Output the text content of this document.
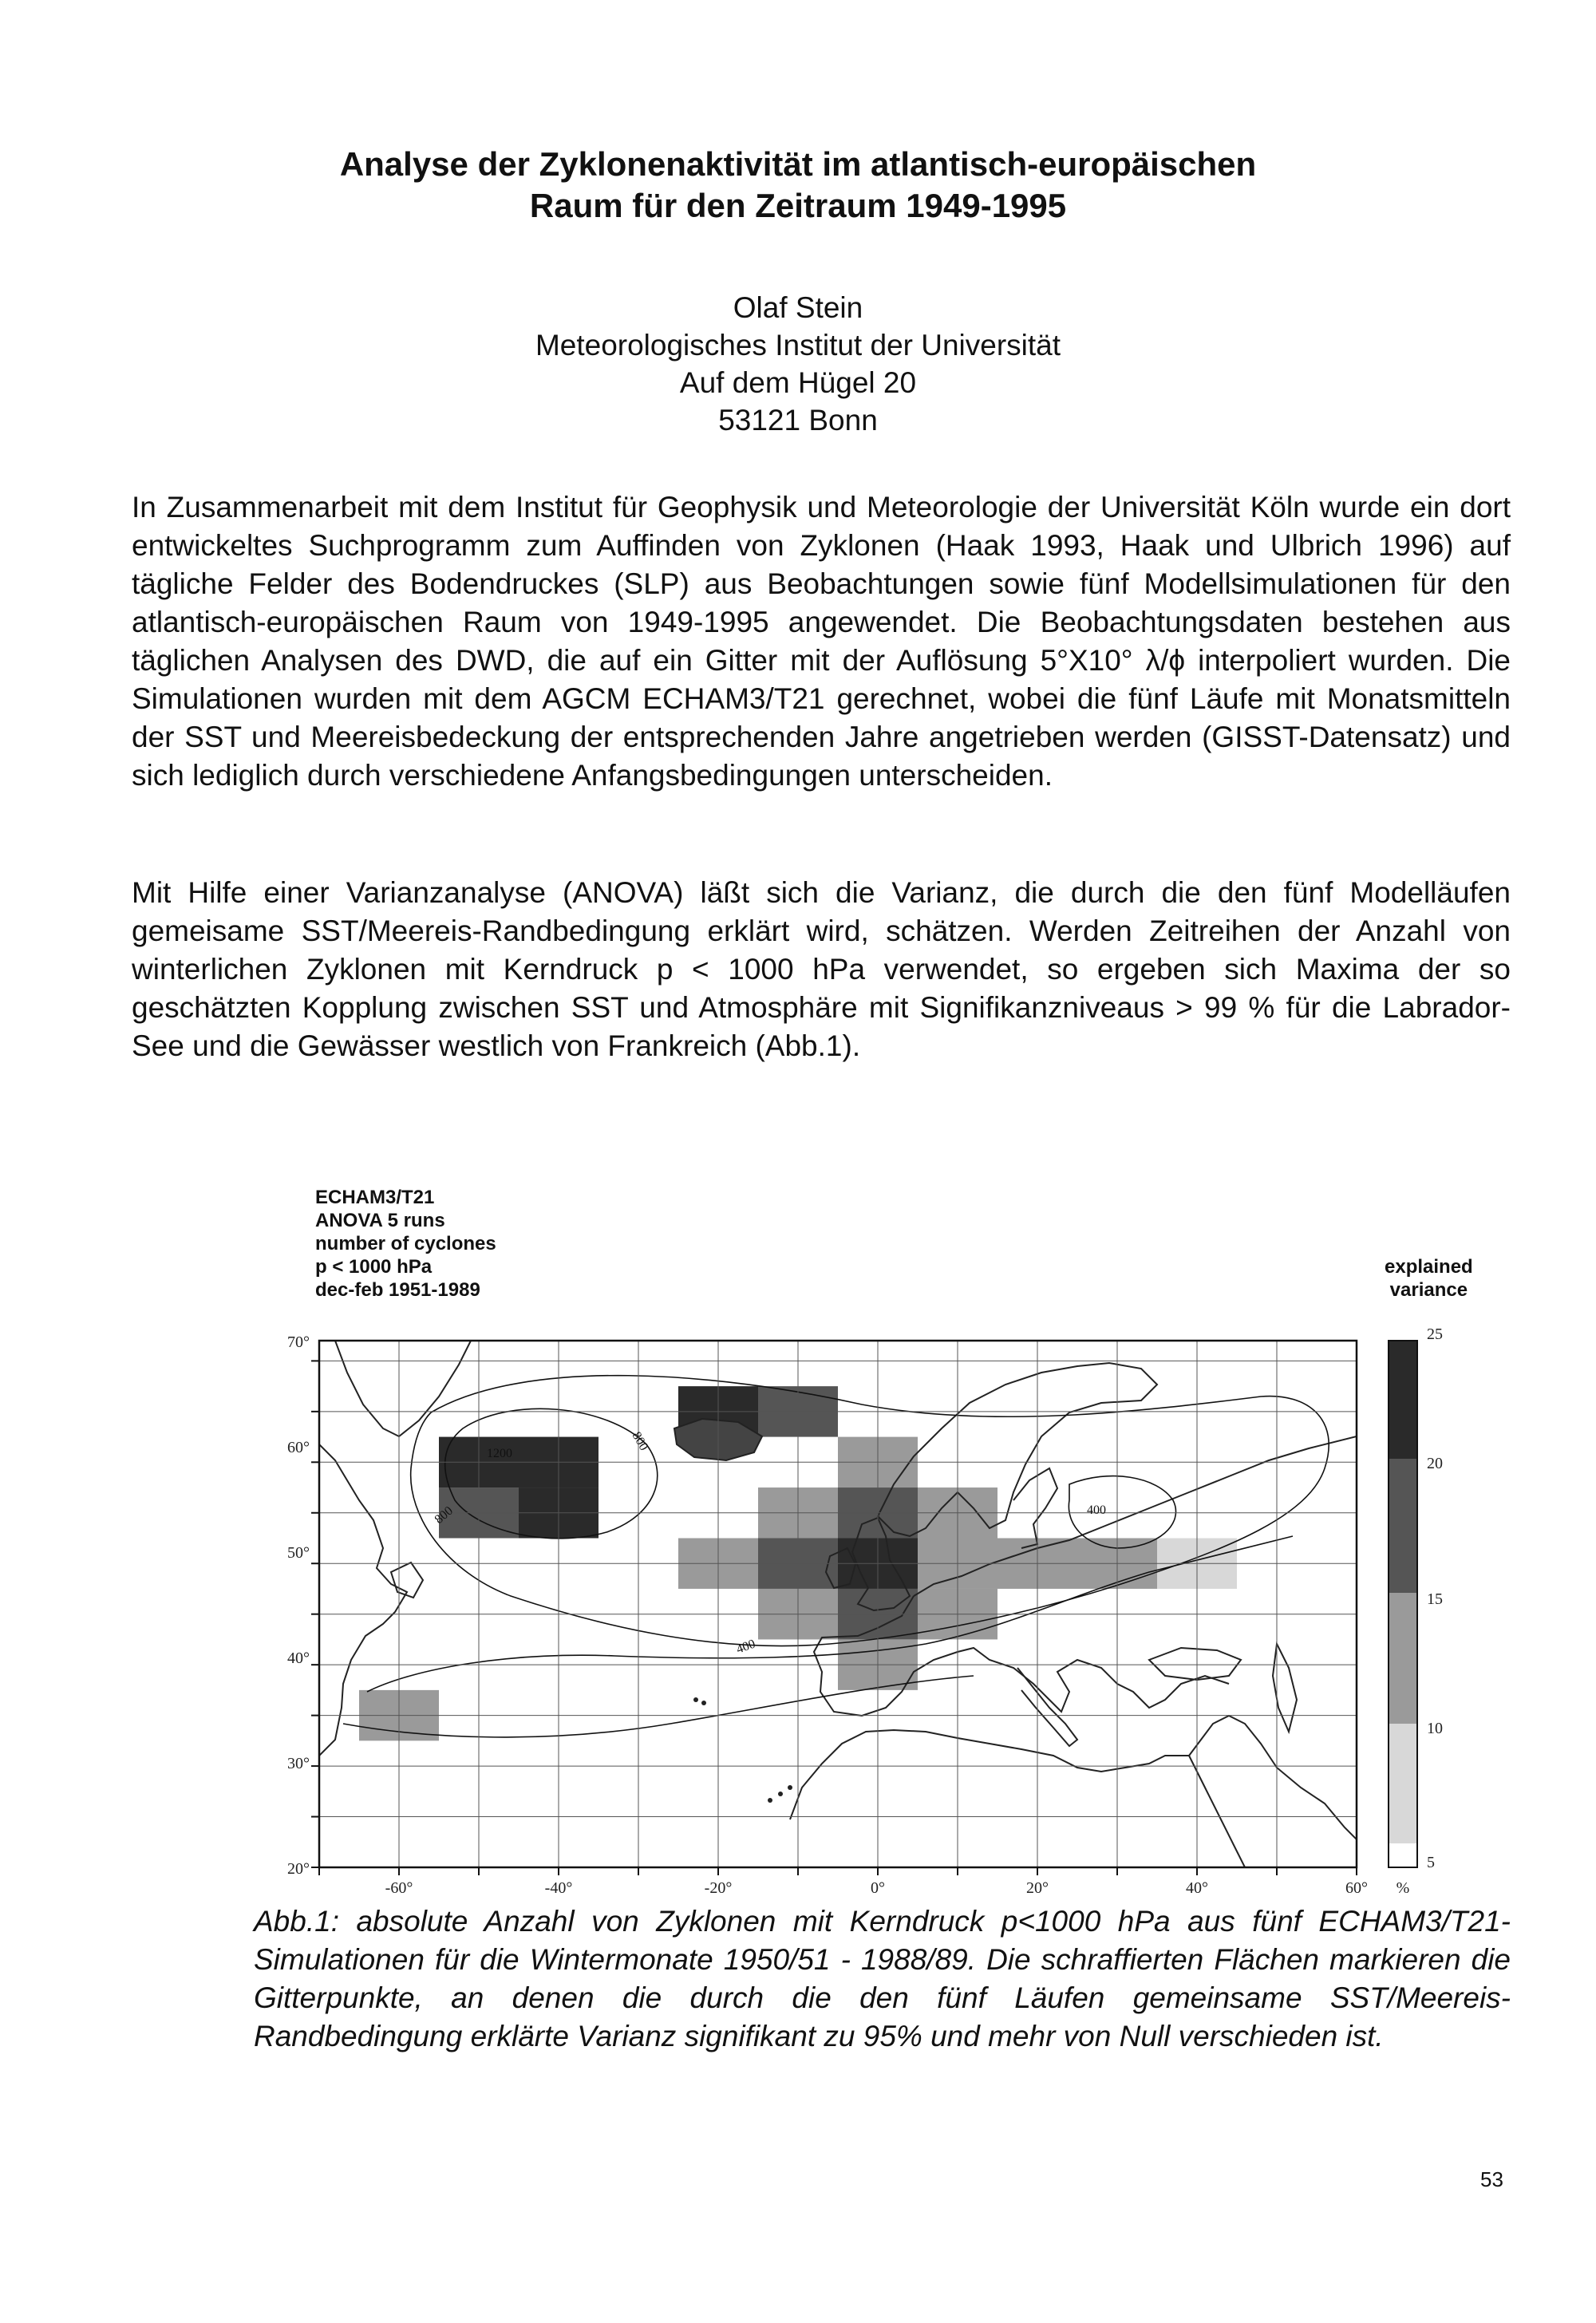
Analyse der Zyklonenaktivität im atlantisch-europäischen
Raum für den Zeitraum 1949-1995
Olaf Stein
Meteorologisches Institut der Universität
Auf dem Hügel 20
53121 Bonn

In Zusammenarbeit mit dem Institut für Geophysik und Meteorologie der Universität Köln wurde ein dort entwickeltes Suchprogramm zum Auffinden von Zyklonen (Haak 1993, Haak und Ulbrich 1996) auf tägliche Felder des Bodendruckes (SLP) aus Beobachtungen sowie fünf Modellsimulationen für den atlantisch-europäischen Raum von 1949-1995 angewendet. Die Beobachtungsdaten bestehen aus täglichen Analysen des DWD, die auf ein Gitter mit der Auflösung 5°X10° λ/ϕ interpoliert wurden. Die Simulationen wurden mit dem AGCM ECHAM3/T21 gerechnet, wobei die fünf Läufe mit Monatsmitteln der SST und Meereisbedeckung der entsprechenden Jahre angetrieben werden (GISST-Datensatz) und sich lediglich durch verschiedene Anfangsbedingungen unterscheiden.

Mit Hilfe einer Varianzanalyse (ANOVA) läßt sich die Varianz, die durch die den fünf Modelläufen gemeisame SST/Meereis-Randbedingung erklärt wird, schätzen. Werden Zeitreihen der Anzahl von winterlichen Zyklonen mit Kerndruck p < 1000 hPa verwendet, so ergeben sich Maxima der so geschätzten Kopplung zwischen SST und Atmosphäre mit Signifikanzniveaus > 99 % für die Labrador-See und die Gewässer westlich von Frankreich (Abb.1).

ECHAM3/T21
ANOVA 5 runs
number of cyclones
p < 1000 hPa
dec-feb 1951-1989
explained
variance
1200
800
800
400
400
70°
60°
50°
40°
30°
20°
-60°	-40°	-20°	0°	20°	40°	60°
25
20
15
10
5
%

Abb.1: absolute Anzahl von Zyklonen mit Kerndruck p<1000 hPa aus fünf ECHAM3/T21-Simulationen für die Wintermonate 1950/51 - 1988/89. Die schraffierten Flächen markieren die Gitterpunkte, an denen die durch die den fünf Läufen gemeinsame SST/Meereis-Randbedingung erklärte Varianz signifikant zu 95% und mehr von Null verschieden ist.

53
